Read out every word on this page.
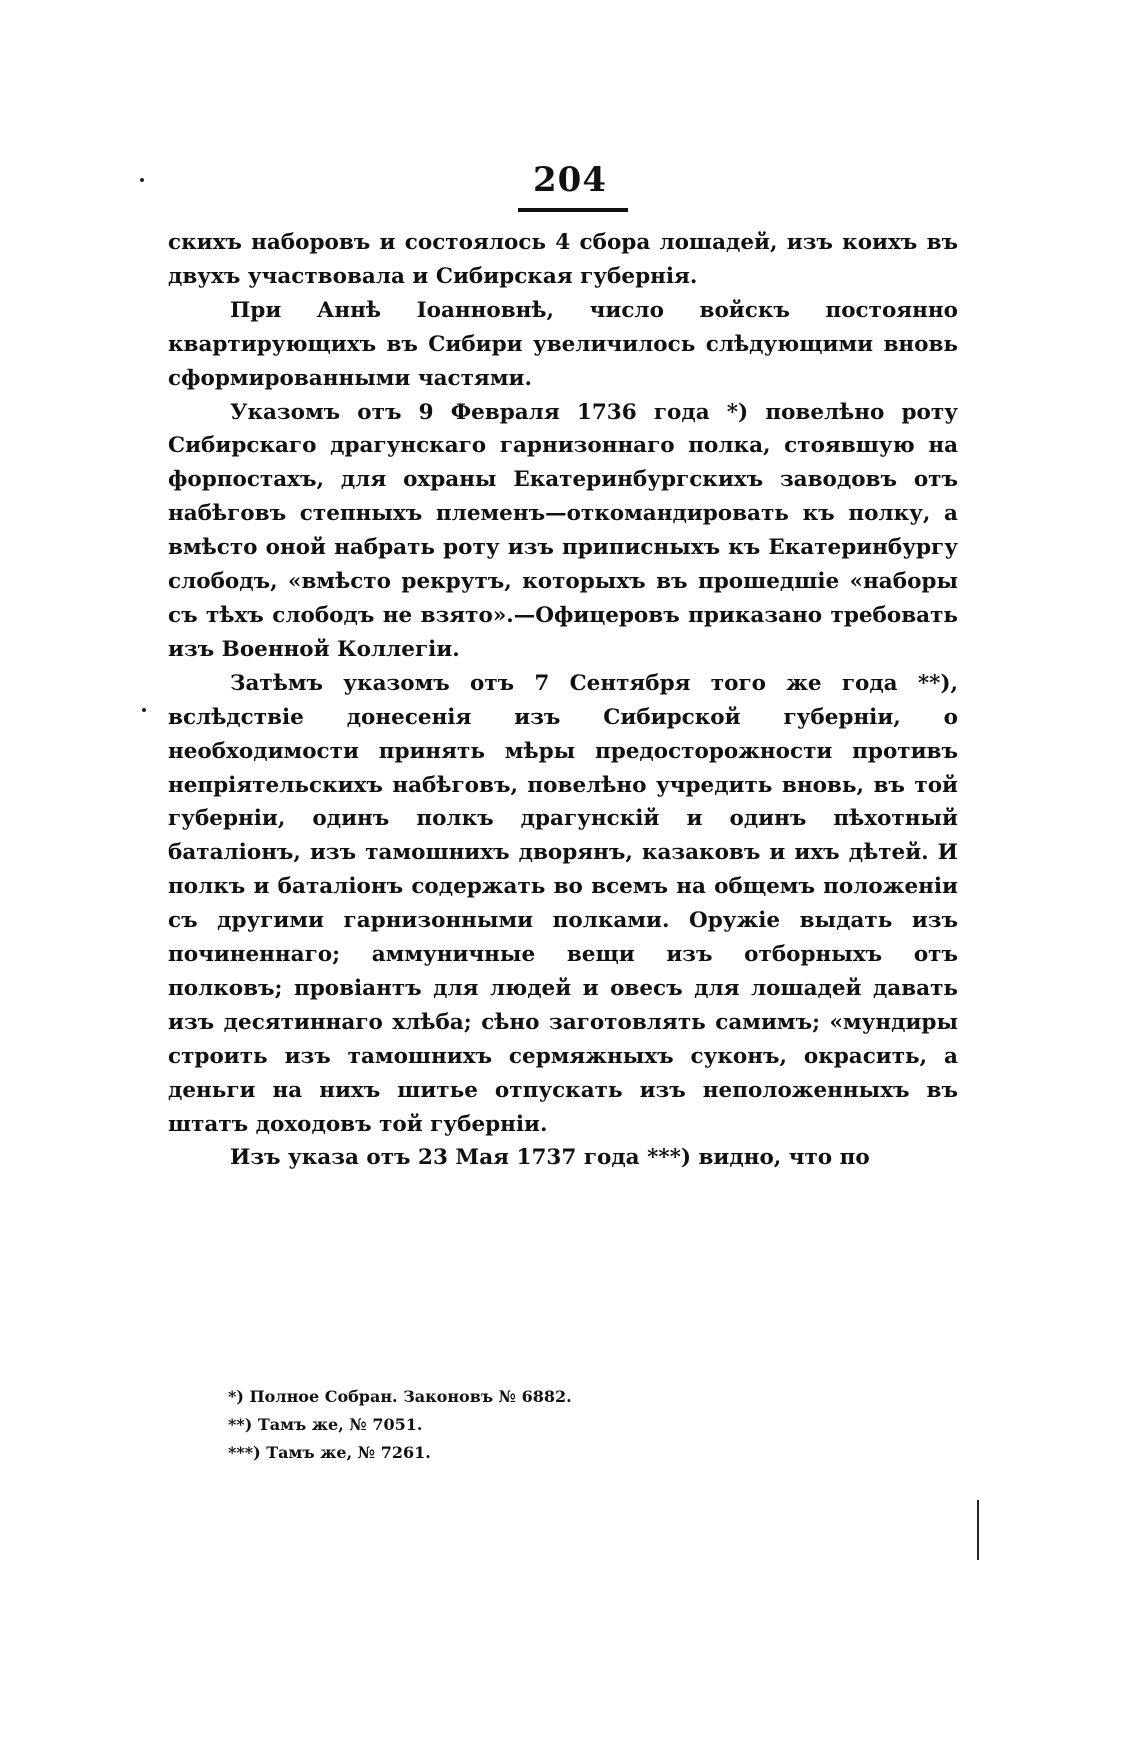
204

скихъ наборовъ и состоялось 4 сбора лошадей, изъ коихъ въ двухъ участвовала и Сибирская губернія.

При Аннѣ Іоанновнѣ, число войскъ постоянно квартирующихъ въ Сибири увеличилось слѣдующими вновь сформированными частями.

Указомъ отъ 9 Февраля 1736 года *) повелѣно роту Сибирскаго драгунскаго гарнизоннаго полка, стоявшую на форпостахъ, для охраны Екатеринбургскихъ заводовъ отъ набѣговъ степныхъ племенъ—откомандировать къ полку, а вмѣсто оной набрать роту изъ приписныхъ къ Екатеринбургу слободъ, «вмѣсто рекрутъ, которыхъ въ прошедшіе «наборы съ тѣхъ слободъ не взято».—Офицеровъ приказано требовать изъ Военной Коллегіи.

Затѣмъ указомъ отъ 7 Сентября того же года **), вслѣдствіе донесенія изъ Сибирской губерніи, о необходимости принять мѣры предосторожности противъ непріятельскихъ набѣговъ, повелѣно учредить вновь, въ той губерніи, одинъ полкъ драгунскій и одинъ пѣхотный баталіонъ, изъ тамошнихъ дворянъ, казаковъ и ихъ дѣтей. И полкъ и баталіонъ содержать во всемъ на общемъ положеніи съ другими гарнизонными полками. Оружіе выдать изъ починеннаго; аммуничные вещи изъ отборныхъ отъ полковъ; провіантъ для людей и овесъ для лошадей давать изъ десятиннаго хлѣба; сѣно заготовлять самимъ; «мундиры строить изъ тамошнихъ сермяжныхъ суконъ, окрасить, а деньги на нихъ шитье отпускать изъ неположенныхъ въ штатъ доходовъ той губерніи.

Изъ указа отъ 23 Мая 1737 года ***) видно, что по

*) Полное Собран. Законовъ № 6882.
**) Тамъ же, № 7051.
***) Тамъ же, № 7261.
